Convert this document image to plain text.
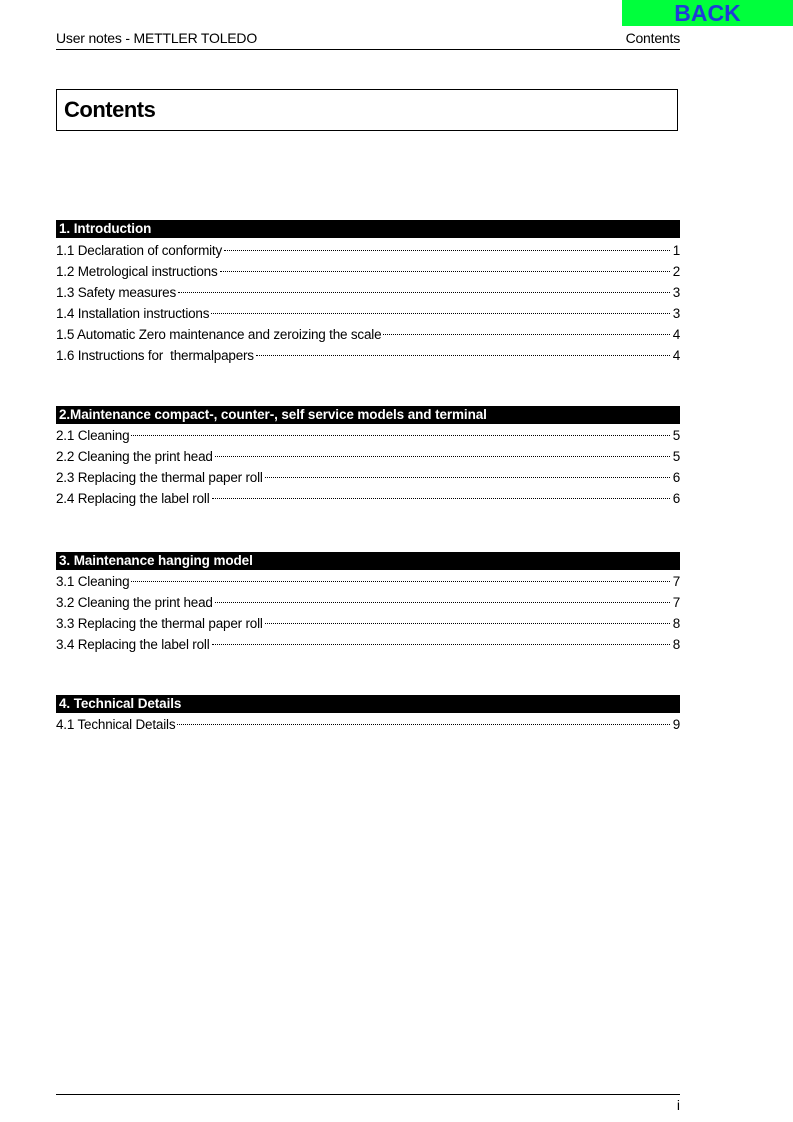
BACK
User notes - METTLER TOLEDO	Contents
Contents
1. Introduction
1.1 Declaration of conformity	1
1.2 Metrological instructions	2
1.3 Safety measures	3
1.4 Installation instructions	3
1.5 Automatic Zero maintenance and zeroizing the scale	4
1.6 Instructions for  thermalpapers	4
2.Maintenance compact-, counter-, self service models and terminal
2.1 Cleaning	5
2.2 Cleaning the print head	5
2.3 Replacing the thermal paper roll	6
2.4 Replacing the label roll	6
3. Maintenance hanging model
3.1 Cleaning	7
3.2 Cleaning the print head	7
3.3 Replacing the thermal paper roll	8
3.4 Replacing the label roll	8
4. Technical Details
4.1 Technical Details	9
i
